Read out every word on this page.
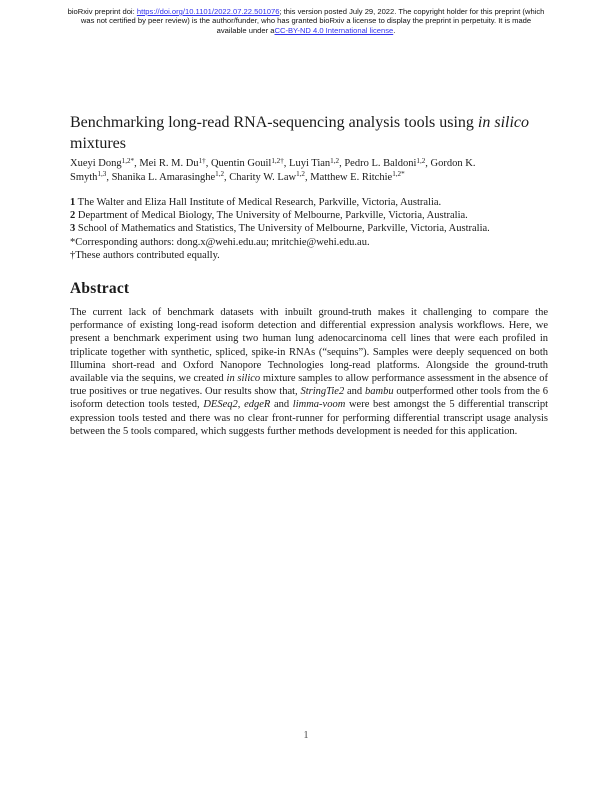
bioRxiv preprint doi: https://doi.org/10.1101/2022.07.22.501076; this version posted July 29, 2022. The copyright holder for this preprint (which
was not certified by peer review) is the author/funder, who has granted bioRxiv a license to display the preprint in perpetuity. It is made
available under aCC-BY-ND 4.0 International license.
Benchmarking long-read RNA-sequencing analysis tools using in silico
mixtures
Xueyi Dong$^{1,2*}$, Mei R. M. $Du^{1\dagger}$, Quentin Gouil$^{1,2\dagger}$, Luyi Tian$^{1,2}$, Pedro L. Baldoni$^{1,2}$, Gordon K.
Smyth$^{1,3}$, Shanika L. Amarasinghe$^{1,2}$, Charity W. Law$^{1,2}$, Matthew E. Ritchie$^{1,2*}$
1 The Walter and Eliza Hall Institute of Medical Research, Parkville, Victoria, Australia.
2 Department of Medical Biology, The University of Melbourne, Parkville, Victoria, Australia.
3 School of Mathematics and Statistics, The University of Melbourne, Parkville, Victoria, Australia.
*Corresponding authors: dong.x@wehi.edu.au; mritchie@wehi.edu.au.
†These authors contributed equally.
Abstract

The current lack of benchmark datasets with inbuilt ground-truth makes it challenging to compare the performance of existing long-read isoform detection and differential expression analysis workflows. Here, we present a benchmark experiment using two human lung adenocarcinoma cell lines that were each profiled in triplicate together with synthetic, spliced, spike-in RNAs (“sequins”). Samples were deeply sequenced on both Illumina short-read and Oxford Nanopore Technologies long-read platforms. Alongside the ground-truth available via the sequins, we created in silico mixture samples to allow performance assessment in the absence of true positives or true negatives. Our results show that, StringTie2 and bambu outperformed other tools from the 6 isoform detection tools tested, DESeq2, edgeR and limma-voom were best amongst the 5 differential transcript expression tools tested and there was no clear front-runner for performing differential transcript usage analysis between the 5 tools compared, which suggests further methods development is needed for this application.

1
